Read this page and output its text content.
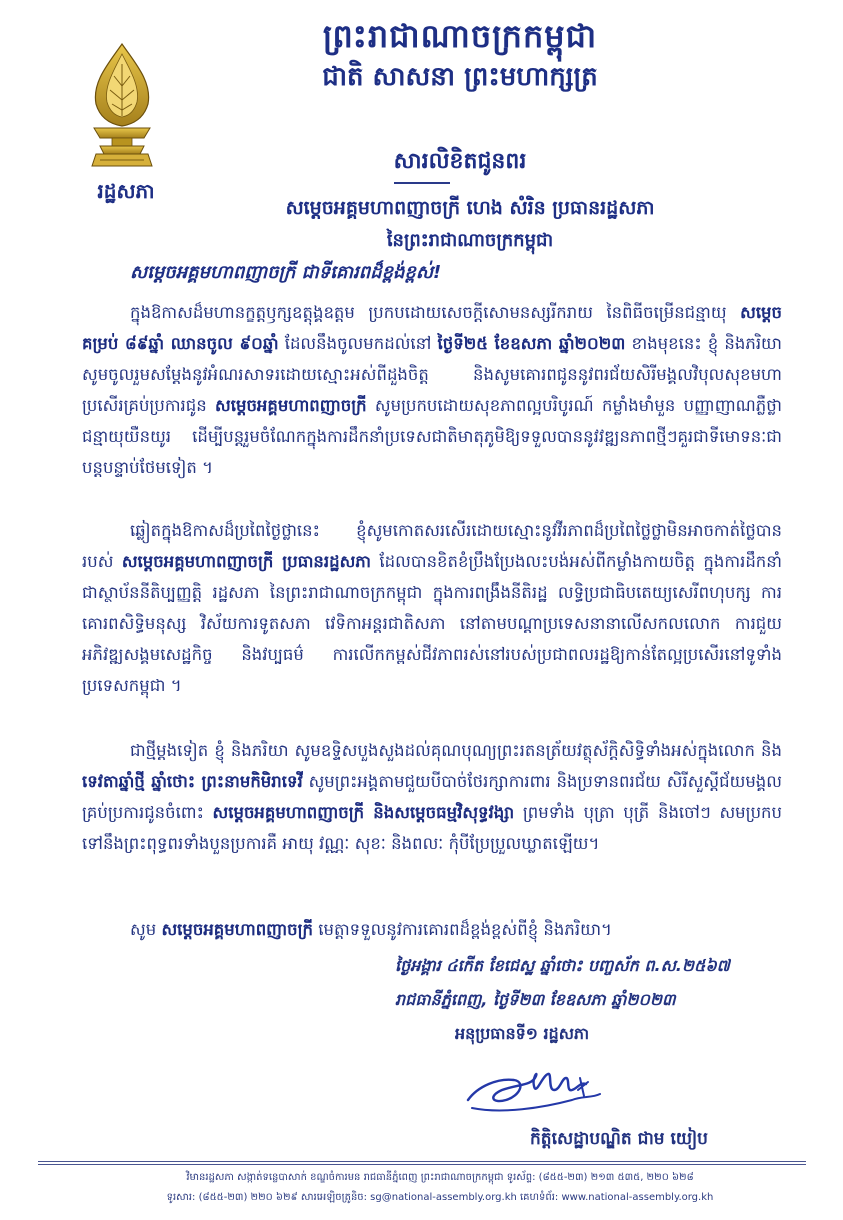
រដ្ឋសភា
ព្រះរាជាណាចក្រកម្ពុជា
ជាតិ សាសនា ព្រះមហាក្សត្រ
សារលិខិតជូនពរ
សម្តេចអគ្គមហាពញាចក្រី ហេង សំរិន ប្រធានរដ្ឋសភា
នៃព្រះរាជាណាចក្រកម្ពុជា
សម្តេចអគ្គមហាពញាចក្រី ជាទីគោរពដ៏ខ្ពង់ខ្ពស់!
ក្នុងឱកាសដ៏មហានក្ខត្តឫក្សឧត្តុង្គឧត្តម ប្រកបដោយសេចក្តីសោមនស្សរីករាយ នៃពិធីចម្រើនជន្មាយុ សម្តេច គម្រប់ ៨៩ឆ្នាំ ឈានចូល ៩០ឆ្នាំ ដែលនឹងចូលមកដល់នៅ ថ្ងៃទី២៥ ខែឧសភា ឆ្នាំ២០២៣ ខាងមុខនេះ ខ្ញុំ និងភរិយា សូមចូលរួមសម្តែងនូវអំណរសាទរដោយស្មោះអស់ពីដួងចិត្ត និងសូមគោរពជូននូវពរជ័យសិរីមង្គលវិបុលសុខមហាប្រសើរគ្រប់ប្រការជូន សម្តេចអគ្គមហាពញាចក្រី សូមប្រកបដោយសុខភាពល្អបរិបូរណ៍ កម្លាំងមាំមួន បញ្ញាញាណភ្លឺថ្លា ជន្មាយុយឺនយូរ ដើម្បីបន្តរួមចំណែកក្នុងការដឹកនាំប្រទេសជាតិមាតុភូមិឱ្យទទួលបាននូវវឌ្ឍនភាពថ្មីៗគួរជាទីមោទនៈជាបន្តបន្ទាប់ថែមទៀត ។
ឆ្លៀតក្នុងឱកាសដ៏ប្រពៃថ្ងៃថ្លានេះ ខ្ញុំសូមកោតសរសើរដោយស្មោះនូវវីរភាពដ៏ប្រពៃថ្លៃថ្លាមិនអាចកាត់ថ្លៃបានរបស់ សម្តេចអគ្គមហាពញាចក្រី ប្រធានរដ្ឋសភា ដែលបានខិតខំប្រឹងប្រែងលះបង់អស់ពីកម្លាំងកាយចិត្ត ក្នុងការដឹកនាំជាស្ថាប័ននីតិប្បញ្ញត្តិ រដ្ឋសភា នៃព្រះរាជាណាចក្រកម្ពុជា ក្នុងការពង្រឹងនីតិរដ្ឋ លទ្ធិប្រជាធិបតេយ្យសេរីពហុបក្ស ការគោរពសិទ្ធិមនុស្ស វិស័យការទូតសភា វេទិកាអន្តរជាតិសភា នៅតាមបណ្តាប្រទេសនានាលើសកលលោក ការជួយអភិវឌ្ឍសង្គមសេដ្ឋកិច្ច និងវប្បធម៌ ការលើកកម្ពស់ជីវភាពរស់នៅរបស់ប្រជាពលរដ្ឋឱ្យកាន់តែល្អប្រសើរនៅទូទាំងប្រទេសកម្ពុជា ។
ជាថ្មីម្តងទៀត ខ្ញុំ និងភរិយា សូមឧទ្ទិសបួងសួងដល់គុណបុណ្យព្រះរតនត្រ័យវត្ថុស័ក្តិសិទ្ធិទាំងអស់ក្នុងលោក និងទេវតាឆ្នាំថ្មី ឆ្នាំថោះ ព្រះនាមកិមិរាទេវី សូមព្រះអង្គតាមជួយបីបាច់ថែរក្សាការពារ និងប្រទានពរជ័យ សិរីសួស្តីជ័យមង្គលគ្រប់ប្រការជូនចំពោះ សម្តេចអគ្គមហាពញាចក្រី និងសម្តេចធម្មវិសុទ្ធវង្សា ព្រមទាំង បុត្រា បុត្រី និងចៅៗ សមប្រកបទៅនឹងព្រះពុទ្ធពរទាំងបួនប្រការគឺ អាយុ វណ្ណៈ សុខៈ និងពលៈ កុំបីប្រែប្រួលឃ្លាតឡើយ។
សូម សម្តេចអគ្គមហាពញាចក្រី មេត្តាទទួលនូវការគោរពដ៏ខ្ពង់ខ្ពស់ពីខ្ញុំ និងភរិយា។
ថ្ងៃអង្គារ ៤កើត ខែជេស្ឋ ឆ្នាំថោះ បញ្ចស័ក ព.ស.២៥៦៧
រាជធានីភ្នំពេញ, ថ្ងៃទី២៣ ខែឧសភា ឆ្នាំ២០២៣
អនុប្រធានទី១ រដ្ឋសភា
កិត្តិសេដ្ឋាបណ្ឌិត ជាម យៀប
វិមានរដ្ឋសភា សង្កាត់ទន្លេបាសាក់ ខណ្ឌចំការមន រាជធានីភ្នំពេញ ព្រះរាជាណាចក្រកម្ពុជា ទូរស័ព្ទ: (៨៥៥-២៣) ២១៣ ៥៣៥, ២២០ ៦២៨
ទូរសារ: (៨៥៥-២៣) ២២០ ៦២៩ សារអេឡិចត្រូនិច: sg@national-assembly.org.kh គេហទំព័រ: www.national-assembly.org.kh
